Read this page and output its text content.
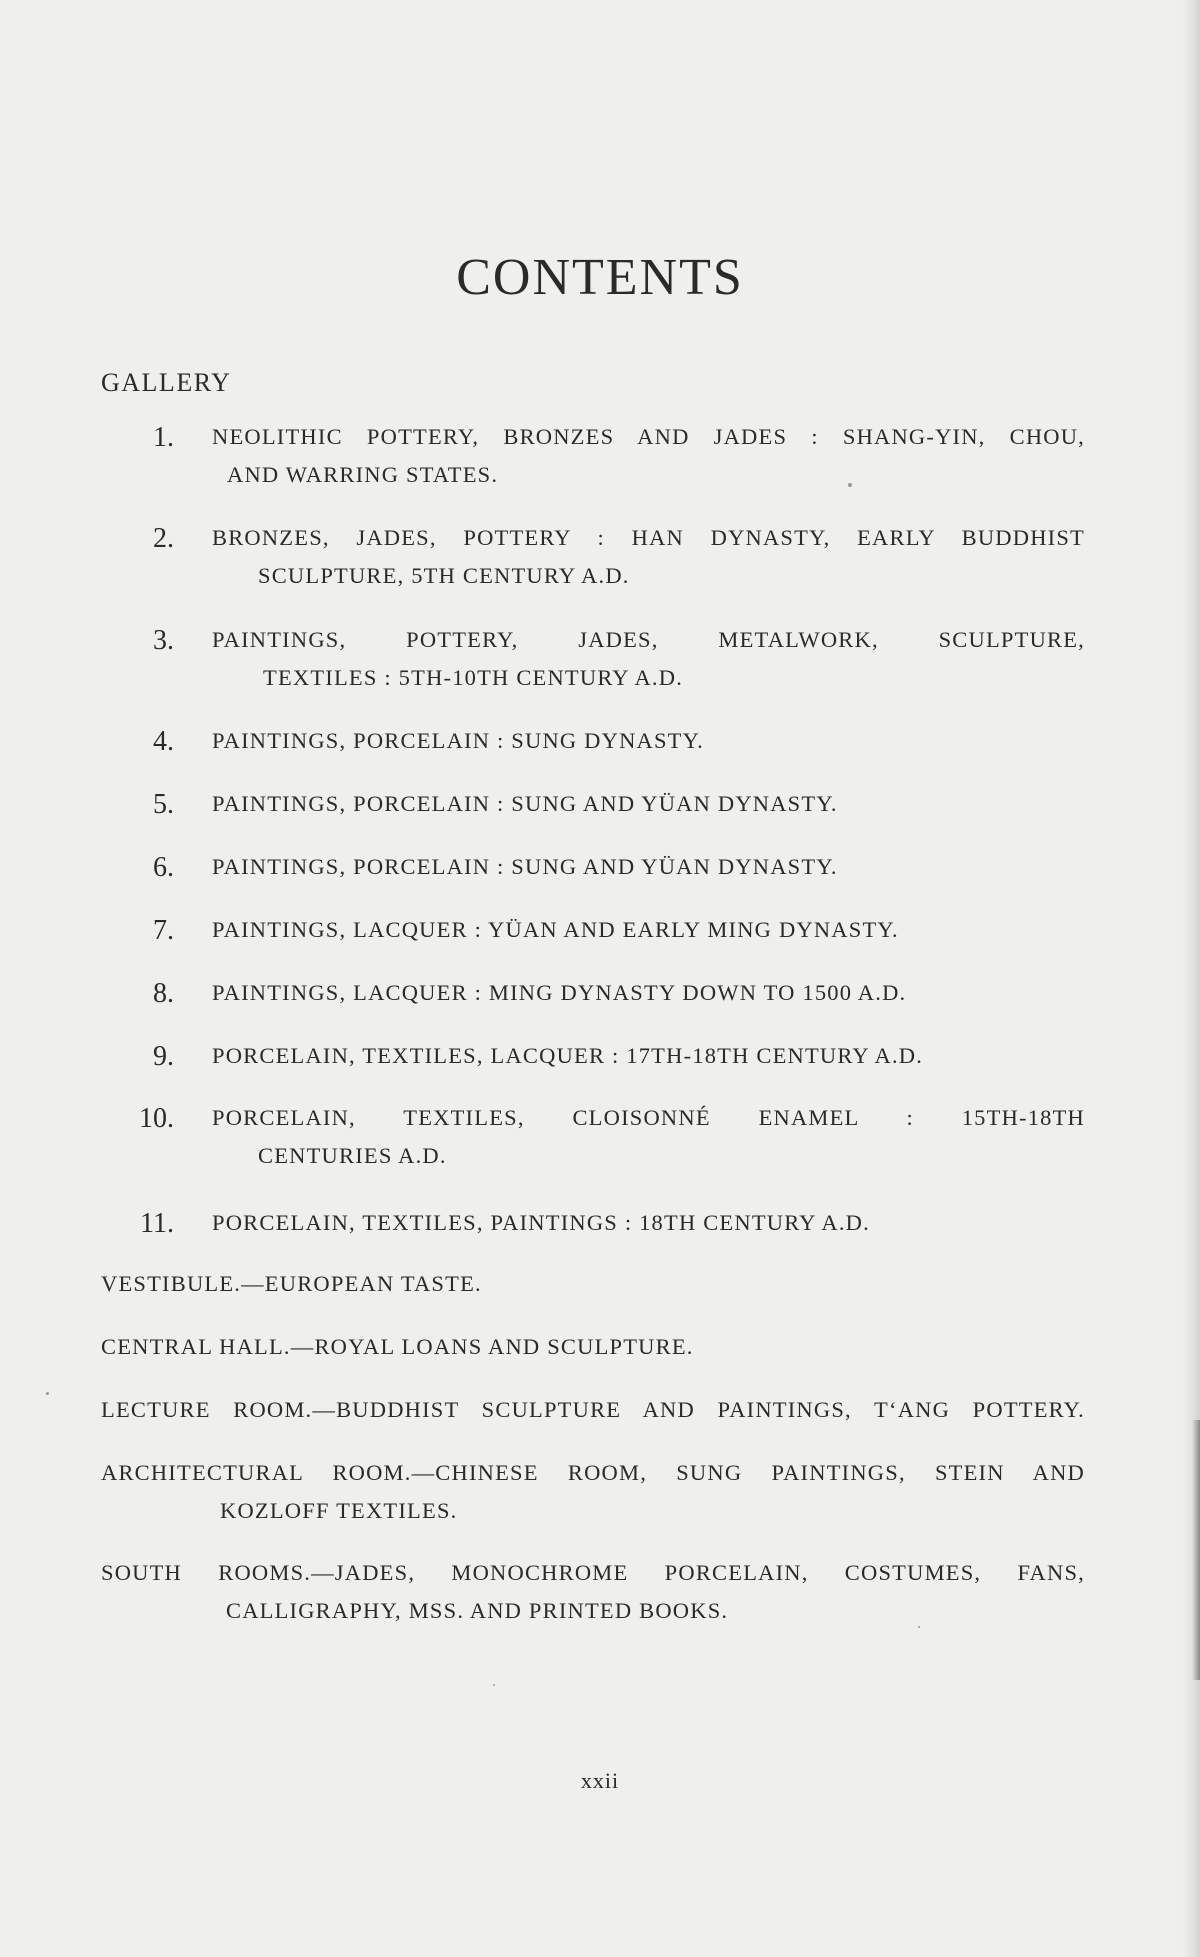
CONTENTS
GALLERY
1. NEOLITHIC POTTERY, BRONZES AND JADES : SHANG-YIN, CHOU,
AND WARRING STATES.
2. BRONZES, JADES, POTTERY : HAN DYNASTY, EARLY BUDDHIST
SCULPTURE, 5TH CENTURY A.D.
3. PAINTINGS, POTTERY, JADES, METALWORK, SCULPTURE,
TEXTILES : 5TH-10TH CENTURY A.D.
4. PAINTINGS, PORCELAIN : SUNG DYNASTY.
5. PAINTINGS, PORCELAIN : SUNG AND YÜAN DYNASTY.
6. PAINTINGS, PORCELAIN : SUNG AND YÜAN DYNASTY.
7. PAINTINGS, LACQUER : YÜAN AND EARLY MING DYNASTY.
8. PAINTINGS, LACQUER : MING DYNASTY DOWN TO 1500 A.D.
9. PORCELAIN, TEXTILES, LACQUER : 17TH-18TH CENTURY A.D.
10. PORCELAIN, TEXTILES, CLOISONNÉ ENAMEL : 15TH-18TH
CENTURIES A.D.
11. PORCELAIN, TEXTILES, PAINTINGS : 18TH CENTURY A.D.
VESTIBULE.—EUROPEAN TASTE.
CENTRAL HALL.—ROYAL LOANS AND SCULPTURE.
LECTURE ROOM.—BUDDHIST SCULPTURE AND PAINTINGS, T‘ANG POTTERY.
ARCHITECTURAL ROOM.—CHINESE ROOM, SUNG PAINTINGS, STEIN AND
KOZLOFF TEXTILES.
SOUTH ROOMS.—JADES, MONOCHROME PORCELAIN, COSTUMES, FANS,
CALLIGRAPHY, MSS. AND PRINTED BOOKS.
xxii
